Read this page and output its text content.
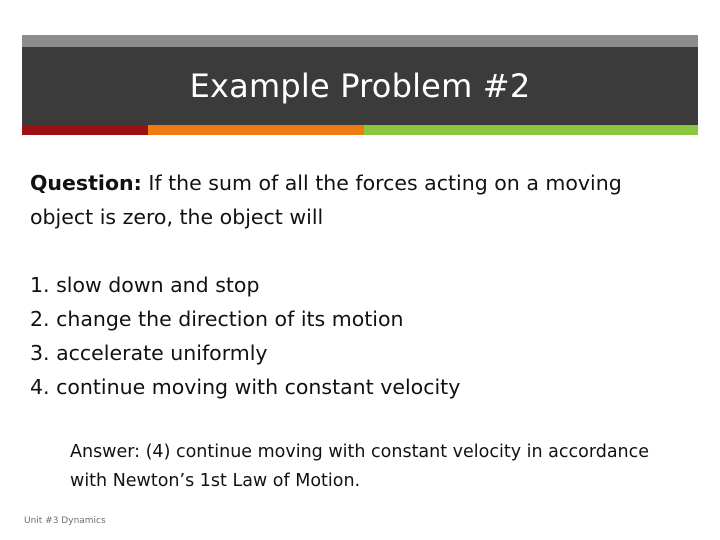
Example Problem #2

Question: If the sum of all the forces acting on a moving object is zero, the object will

1. slow down and stop
2. change the direction of its motion
3. accelerate uniformly
4. continue moving with constant velocity
Answer: (4) continue moving with constant velocity in accordance with Newton’s 1st Law of Motion.
Unit #3 Dynamics
